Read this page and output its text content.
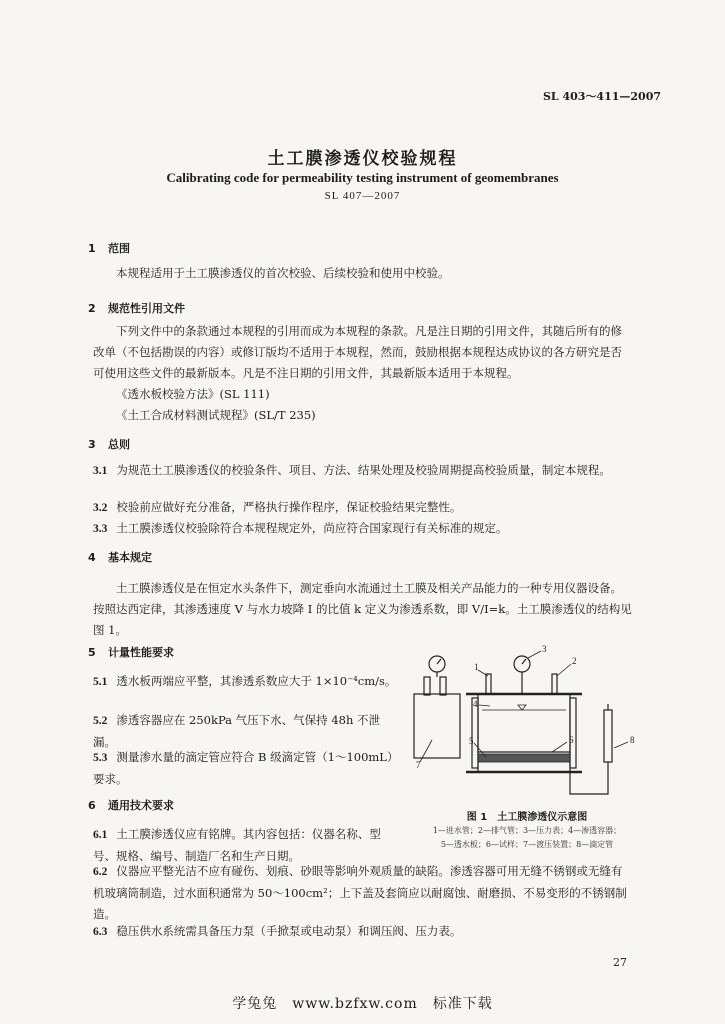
SL 403～411—2007
土工膜渗透仪校验规程
Calibrating code for permeability testing instrument of geomembranes
SL 407—2007
1 范围

本规程适用于土工膜渗透仪的首次校验、后续校验和使用中校验。

2 规范性引用文件

下列文件中的条款通过本规程的引用而成为本规程的条款。凡是注日期的引用文件，其随后所有的修改单（不包括勘误的内容）或修订版均不适用于本规程，然而，鼓励根据本规程达成协议的各方研究是否可使用这些文件的最新版本。凡是不注日期的引用文件，其最新版本适用于本规程。

《透水板校验方法》(SL 111)

《土工合成材料测试规程》(SL/T 235)

3 总则

3.1 为规范土工膜渗透仪的校验条件、项目、方法、结果处理及校验周期提高校验质量，制定本规程。

3.2 校验前应做好充分准备，严格执行操作程序，保证校验结果完整性。

3.3 土工膜渗透仪校验除符合本规程规定外，尚应符合国家现行有关标准的规定。

4 基本规定

土工膜渗透仪是在恒定水头条件下，测定垂向水流通过土工膜及相关产品能力的一种专用仪器设备。按照达西定律，其渗透速度 V 与水力坡降 I 的比值 k 定义为渗透系数，即 V/I=k。土工膜渗透仪的结构见图 1。

5 计量性能要求

5.1 透水板两端应平整，其渗透系数应大于 1×10⁻⁴cm/s。

5.2 渗透容器应在 250kPa 气压下水、气保持 48h 不泄漏。

5.3 测量渗水量的滴定管应符合 B 级滴定管（1～100mL）要求。

6 通用技术要求

6.1 土工膜渗透仪应有铭牌。其内容包括：仪器名称、型号、规格、编号、制造厂名和生产日期。

6.2 仪器应平整光洁不应有碰伤、划痕、砂眼等影响外观质量的缺陷。渗透容器可用无缝不锈钢或无缝有机玻璃筒制造，过水面积通常为 50～100cm²；上下盖及套筒应以耐腐蚀、耐磨损、不易变形的不锈钢制造。

6.3 稳压供水系统需具备压力泵（手掀泵或电动泵）和调压阀、压力表。

1
2
3
4
5	6
7
8
图 1　土工膜渗透仪示意图
1—进水管；2—排气管；3—压力表；4—渗透容器；
5—透水板；6—试样；7—渡压装置；8—滴定管
27
学兔兔　www.bzfxw.com　标准下载
